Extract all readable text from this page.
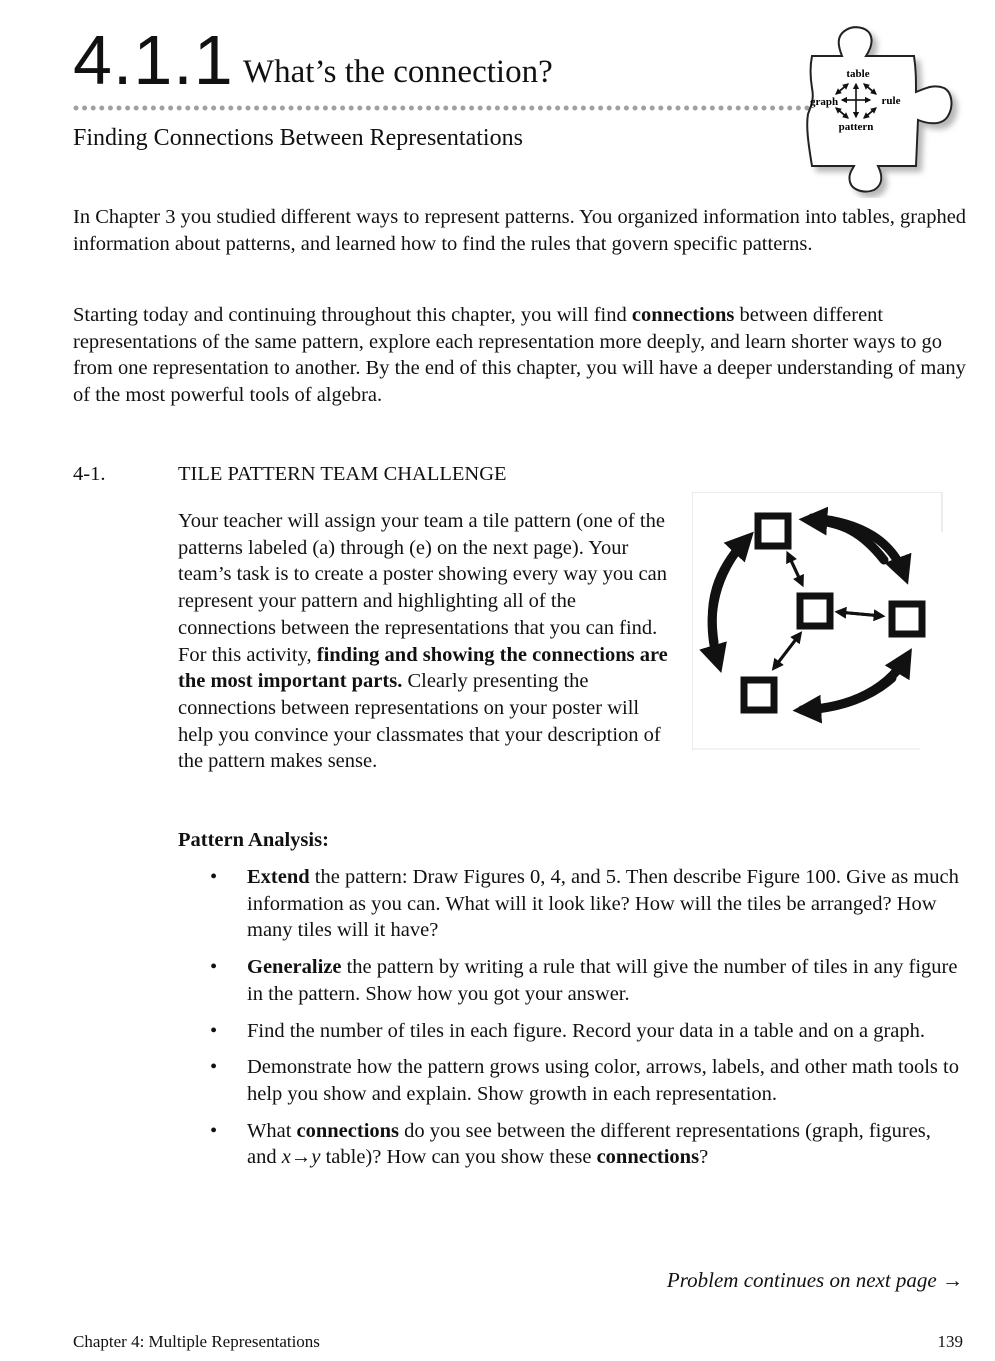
4.1.1 What’s the connection?
Finding Connections Between Representations
table
graph	rule
pattern
In Chapter 3 you studied different ways to represent patterns. You organized information into tables, graphed information about patterns, and learned how to find the rules that govern specific patterns.
Starting today and continuing throughout this chapter, you will find connections between different representations of the same pattern, explore each representation more deeply, and learn shorter ways to go from one representation to another. By the end of this chapter, you will have a deeper understanding of many of the most powerful tools of algebra.
4-1.	TILE PATTERN TEAM CHALLENGE
Your teacher will assign your team a tile pattern (one of the patterns labeled (a) through (e) on the next page). Your team’s task is to create a poster showing every way you can represent your pattern and highlighting all of the connections between the representations that you can find. For this activity, finding and showing the connections are the most important parts. Clearly presenting the connections between representations on your poster will help you convince your classmates that your description of the pattern makes sense.
Pattern Analysis:
• Extend the pattern: Draw Figures 0, 4, and 5. Then describe Figure 100. Give as much information as you can. What will it look like? How will the tiles be arranged? How many tiles will it have?
• Generalize the pattern by writing a rule that will give the number of tiles in any figure in the pattern. Show how you got your answer.
• Find the number of tiles in each figure. Record your data in a table and on a graph.
• Demonstrate how the pattern grows using color, arrows, labels, and other math tools to help you show and explain. Show growth in each representation.
• What connections do you see between the different representations (graph, figures, and x→y table)? How can you show these connections?
Problem continues on next page →
Chapter 4: Multiple Representations	139
